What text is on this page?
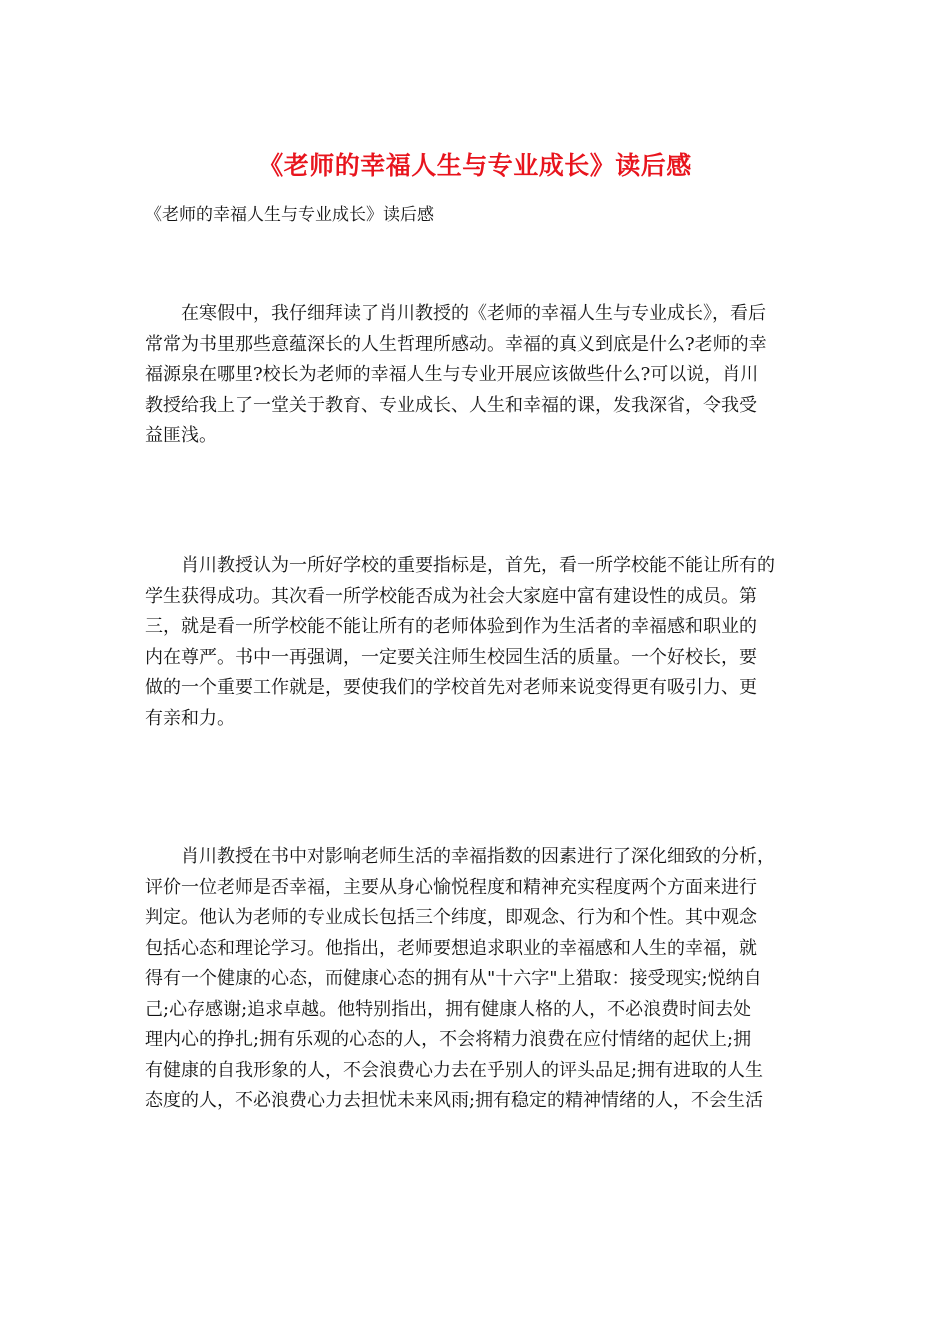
《老师的幸福人生与专业成长》读后感
《老师的幸福人生与专业成长》读后感
　　在寒假中，我仔细拜读了肖川教授的《老师的幸福人生与专业成长》，看后
常常为书里那些意蕴深长的人生哲理所感动。幸福的真义到底是什么?老师的幸
福源泉在哪里?校长为老师的幸福人生与专业开展应该做些什么?可以说，肖川
教授给我上了一堂关于教育、专业成长、人生和幸福的课，发我深省，令我受
益匪浅。
　　肖川教授认为一所好学校的重要指标是，首先，看一所学校能不能让所有的
学生获得成功。其次看一所学校能否成为社会大家庭中富有建设性的成员。第
三，就是看一所学校能不能让所有的老师体验到作为生活者的幸福感和职业的
内在尊严。书中一再强调，一定要关注师生校园生活的质量。一个好校长，要
做的一个重要工作就是，要使我们的学校首先对老师来说变得更有吸引力、更
有亲和力。
　　肖川教授在书中对影响老师生活的幸福指数的因素进行了深化细致的分析，
评价一位老师是否幸福，主要从身心愉悦程度和精神充实程度两个方面来进行
判定。他认为老师的专业成长包括三个纬度，即观念、行为和个性。其中观念
包括心态和理论学习。他指出，老师要想追求职业的幸福感和人生的幸福，就
得有一个健康的心态，而健康心态的拥有从"十六字"上猎取：接受现实;悦纳自
己;心存感谢;追求卓越。他特别指出，拥有健康人格的人，不必浪费时间去处
理内心的挣扎;拥有乐观的心态的人，不会将精力浪费在应付情绪的起伏上;拥
有健康的自我形象的人，不会浪费心力去在乎别人的评头品足;拥有进取的人生
态度的人，不必浪费心力去担忧未来风雨;拥有稳定的精神情绪的人，不会生活
